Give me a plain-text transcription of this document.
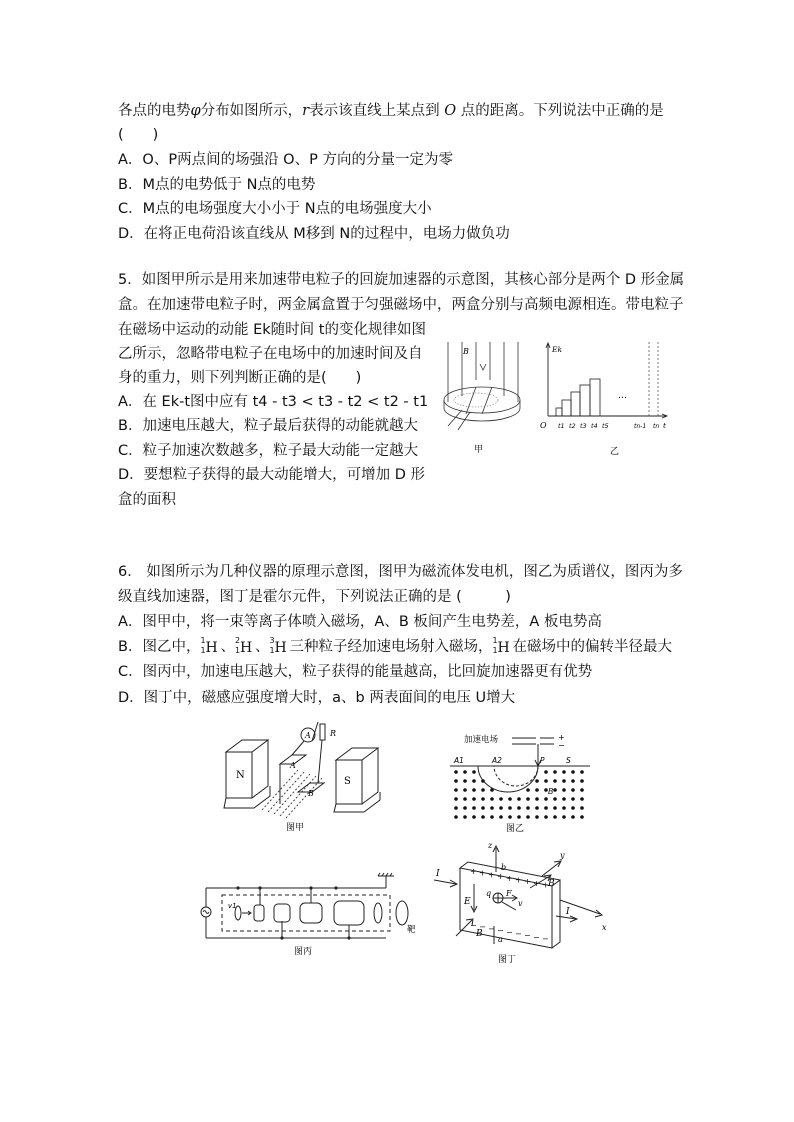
各点的电势φ分布如图所示，r表示该直线上某点到 O 点的距离。下列说法中正确的是
(　　)
A．O、P两点间的场强沿 O、P 方向的分量一定为零
B．M点的电势低于 N点的电势
C．M点的电场强度大小小于 N点的电场强度大小
D．在将正电荷沿该直线从 M移到 N的过程中，电场力做负功
5．如图甲所示是用来加速带电粒子的回旋加速器的示意图，其核心部分是两个 D 形金属
盒。在加速带电粒子时，两金属盒置于匀强磁场中，两盒分别与高频电源相连。带电粒子
在磁场中运动的动能 Ek随时间 t的变化规律如图
乙所示，忽略带电粒子在电场中的加速时间及自
身的重力，则下列判断正确的是(　　)
A．在 Ek-t图中应有 t4 - t3 < t3 - t2 < t2 - t1
B．加速电压越大，粒子最后获得的动能就越大
C．粒子加速次数越多，粒子最大动能一定越大
D．要想粒子获得的最大动能增大，可增加 D 形
盒的面积
B
甲
Ek
…
O t1 t2 t3 t4 t5	tn-1 tn t
乙
6． 如图所示为几种仪器的原理示意图，图甲为磁流体发电机，图乙为质谱仪，图丙为多
级直线加速器，图丁是霍尔元件，下列说法正确的是 (　　　)
A．图甲中，将一束等离子体喷入磁场，A、B 板间产生电势差，A 板电势高
B．图乙中， 1
1 H 、 2
1 H 、 3
1 H 三种粒子经加速电场射入磁场， 1
1 H 在磁场中的偏转半径最大
C．图丙中，加速电压越大，粒子获得的能量越高，比回旋加速器更有优势
D．图丁中，磁感应强度增大时，a、b 两表面间的电压 U增大
A R
N
S
A
B
图甲
加速电场	+
−
A1	A2	P	S
B
图乙
v1
靶
图丙
+ + + + + + + + +
− − − − − − − − −
z
b
y
x
I
I
E
q F
v
B
B
a
图丁
